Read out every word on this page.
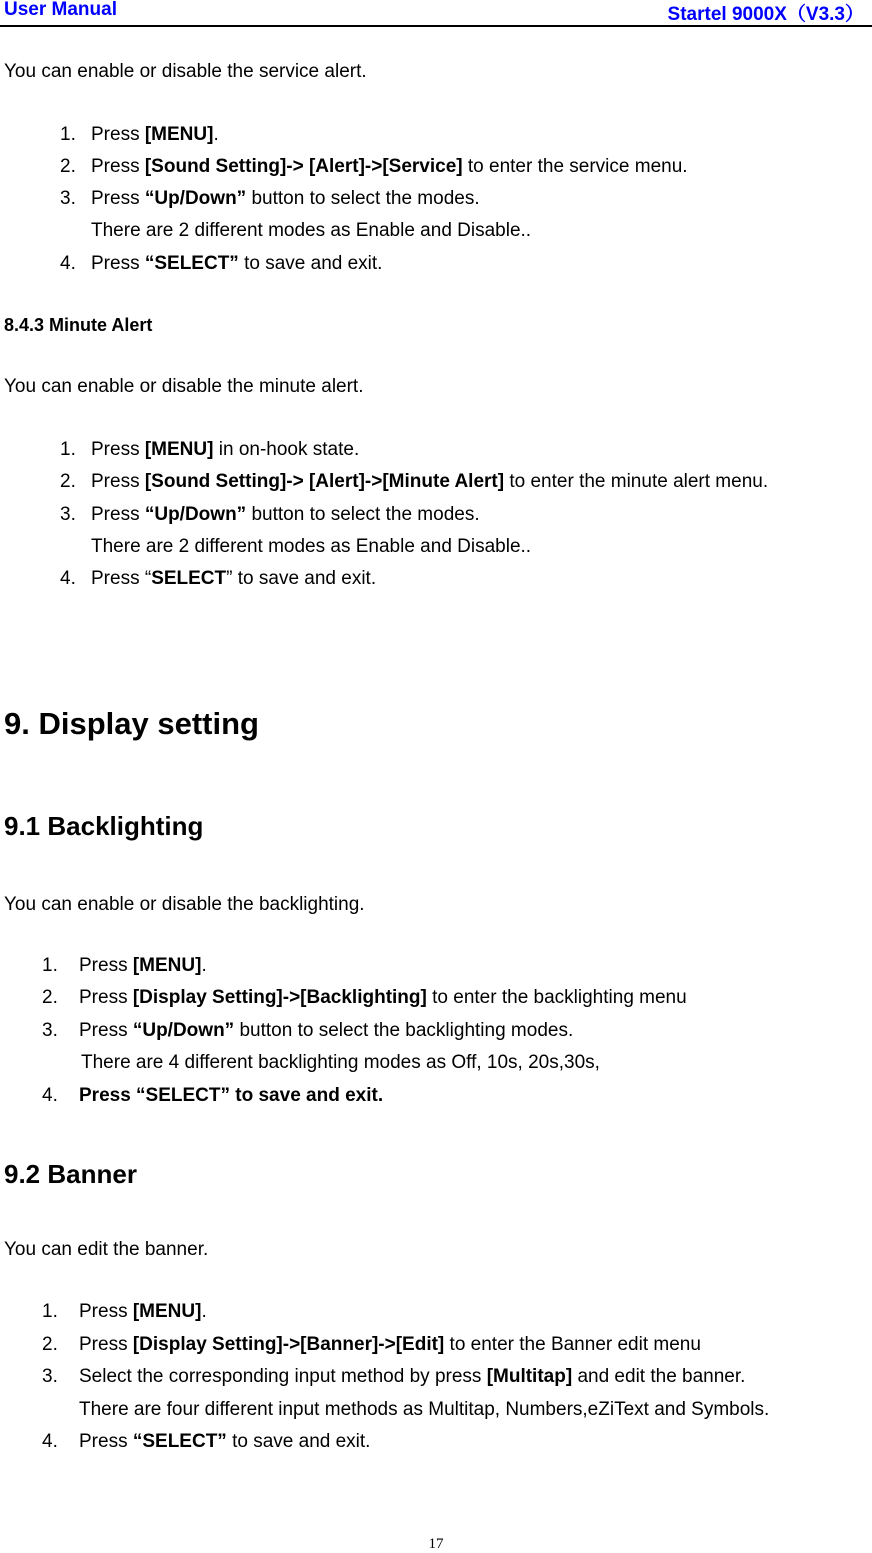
User Manual	Startel 9000X（V3.3）
You can enable or disable the service alert.
1. Press [MENU].
2. Press [Sound Setting]-> [Alert]->[Service] to enter the service menu.
3. Press “Up/Down” button to select the modes.
There are 2 different modes as Enable and Disable..
4. Press “SELECT” to save and exit.
8.4.3 Minute Alert
You can enable or disable the minute alert.
1. Press [MENU] in on-hook state.
2. Press [Sound Setting]-> [Alert]->[Minute Alert] to enter the minute alert menu.
3. Press “Up/Down” button to select the modes.
There are 2 different modes as Enable and Disable..
4. Press “SELECT” to save and exit.
9. Display setting
9.1 Backlighting
You can enable or disable the backlighting.
1. Press [MENU].
2. Press [Display Setting]->[Backlighting] to enter the backlighting menu
3. Press “Up/Down” button to select the backlighting modes.
There are 4 different backlighting modes as Off, 10s, 20s,30s,
4. Press “SELECT” to save and exit.
9.2 Banner
You can edit the banner.
1. Press [MENU].
2. Press [Display Setting]->[Banner]->[Edit] to enter the Banner edit menu
3. Select the corresponding input method by press [Multitap] and edit the banner.
There are four different input methods as Multitap, Numbers,eZiText and Symbols.
4. Press “SELECT” to save and exit.
17
